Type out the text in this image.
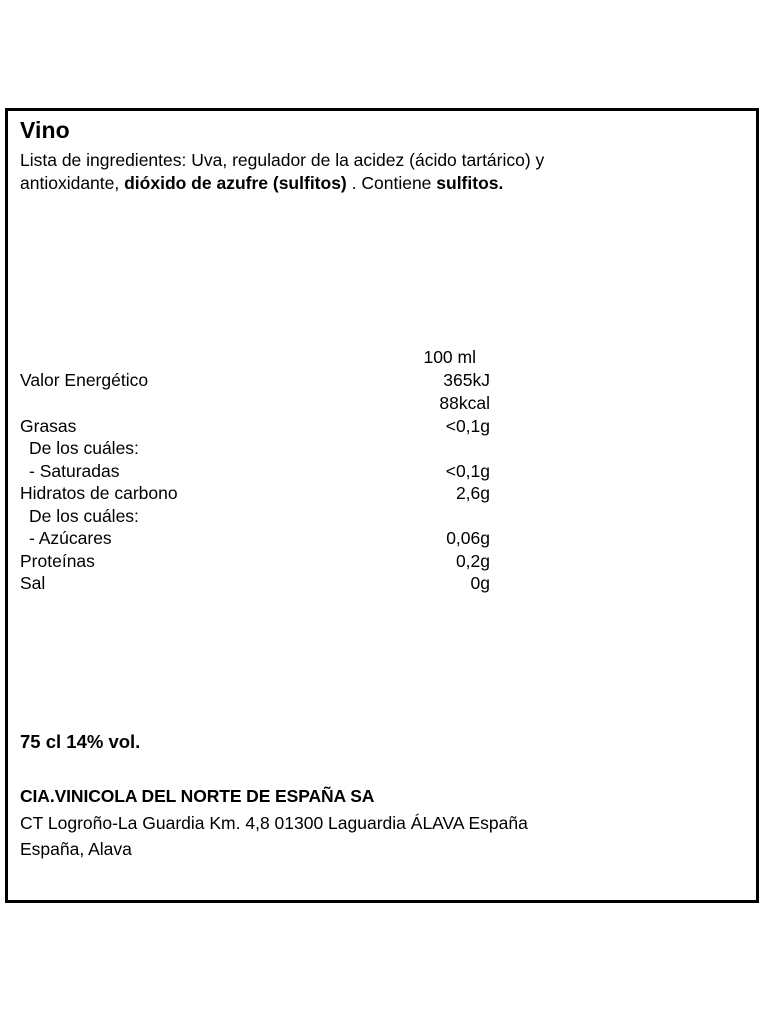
Vino
Lista de ingredientes: Uva, regulador de la acidez (ácido tartárico) y antioxidante, dióxido de azufre (sulfitos) . Contiene sulfitos.
100 ml
Valor Energético	365kJ
88kcal
Grasas	<0,1g
De los cuáles:
- Saturadas	<0,1g
Hidratos de carbono	2,6g
De los cuáles:
- Azúcares	0,06g
Proteínas	0,2g
Sal	0g
75 cl 14% vol.
CIA.VINICOLA DEL NORTE DE ESPAÑA SA
CT Logroño-La Guardia Km. 4,8 01300 Laguardia ÁLAVA España
España, Alava
